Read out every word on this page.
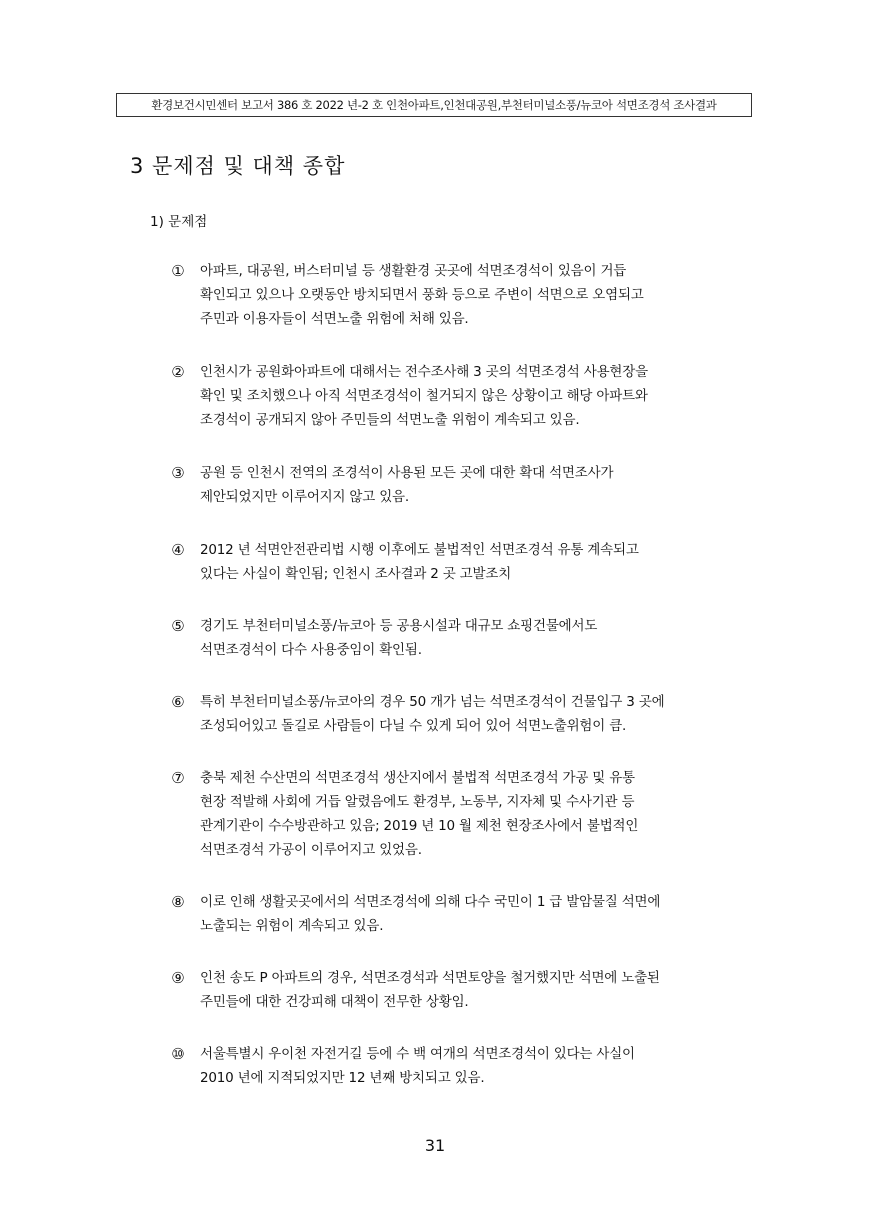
환경보건시민센터 보고서 386 호 2022 년-2 호 인천아파트,인천대공원,부천터미널소풍/뉴코아 석면조경석 조사결과
3 문제점 및 대책 종합
1) 문제점
① 아파트, 대공원, 버스터미널 등 생활환경 곳곳에 석면조경석이 있음이 거듭
확인되고 있으나 오랫동안 방치되면서 풍화 등으로 주변이 석면으로 오염되고
주민과 이용자들이 석면노출 위험에 처해 있음.
② 인천시가 공원화아파트에 대해서는 전수조사해 3 곳의 석면조경석 사용현장을
확인 및 조치했으나 아직 석면조경석이 철거되지 않은 상황이고 해당 아파트와
조경석이 공개되지 않아 주민들의 석면노출 위험이 계속되고 있음.
③ 공원 등 인천시 전역의 조경석이 사용된 모든 곳에 대한 확대 석면조사가
제안되었지만 이루어지지 않고 있음.
④ 2012 년 석면안전관리법 시행 이후에도 불법적인 석면조경석 유통 계속되고
있다는 사실이 확인됨; 인천시 조사결과 2 곳 고발조치
⑤ 경기도 부천터미널소풍/뉴코아 등 공용시설과 대규모 쇼핑건물에서도
석면조경석이 다수 사용중임이 확인됨.
⑥ 특히 부천터미널소풍/뉴코아의 경우 50 개가 넘는 석면조경석이 건물입구 3 곳에
조성되어있고 돌길로 사람들이 다닐 수 있게 되어 있어 석면노출위험이 큼.
⑦ 충북 제천 수산면의 석면조경석 생산지에서 불법적 석면조경석 가공 및 유통
현장 적발해 사회에 거듭 알렸음에도 환경부, 노동부, 지자체 및 수사기관 등
관계기관이 수수방관하고 있음; 2019 년 10 월 제천 현장조사에서 불법적인
석면조경석 가공이 이루어지고 있었음.
⑧ 이로 인해 생활곳곳에서의 석면조경석에 의해 다수 국민이 1 급 발암물질 석면에
노출되는 위험이 계속되고 있음.
⑨ 인천 송도 P 아파트의 경우, 석면조경석과 석면토양을 철거했지만 석면에 노출된
주민들에 대한 건강피해 대책이 전무한 상황임.
⑩ 서울특별시 우이천 자전거길 등에 수 백 여개의 석면조경석이 있다는 사실이
2010 년에 지적되었지만 12 년째 방치되고 있음.
31
